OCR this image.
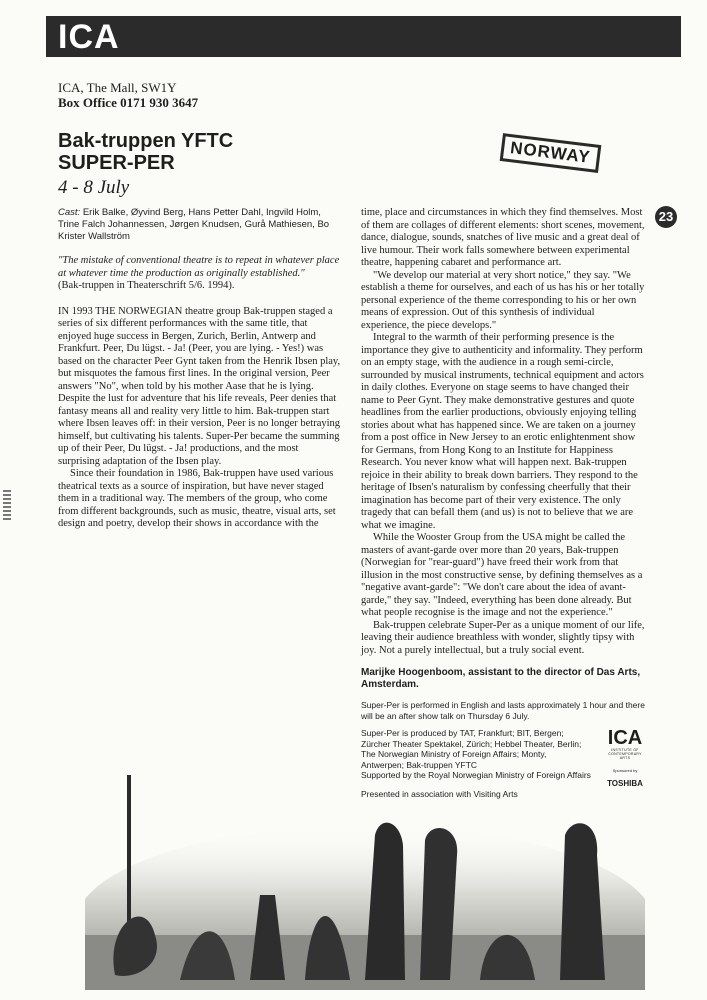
ICA
ICA, The Mall, SW1Y
Box Office 0171 930 3647
Bak-truppen YFTC
SUPER-PER
4 - 8 July
NORWAY
23

Cast: Erik Balke, Øyvind Berg, Hans Petter Dahl, Ingvild Holm, Trine Falch Johannessen, Jørgen Knudsen, Gurå Mathiesen, Bo Krister Wallström

"The mistake of conventional theatre is to repeat in whatever place at whatever time the production as originally established."

(Bak-truppen in Theaterschrift 5/6. 1994).

IN 1993 THE NORWEGIAN theatre group Bak-truppen staged a series of six different performances with the same title, that enjoyed huge success in Bergen, Zurich, Berlin, Antwerp and Frankfurt. Peer, Du lügst. - Ja! (Peer, you are lying. - Yes!) was based on the character Peer Gynt taken from the Henrik Ibsen play, but misquotes the famous first lines. In the original version, Peer answers "No", when told by his mother Aase that he is lying. Despite the lust for adventure that his life reveals, Peer denies that fantasy means all and reality very little to him. Bak-truppen start where Ibsen leaves off: in their version, Peer is no longer betraying himself, but cultivating his talents. Super-Per became the summing up of their Peer, Du lügst. - Ja! productions, and the most surprising adaptation of the Ibsen play.

Since their foundation in 1986, Bak-truppen have used various theatrical texts as a source of inspiration, but have never staged them in a traditional way. The members of the group, who come from different backgrounds, such as music, theatre, visual arts, set design and poetry, develop their shows in accordance with the

time, place and circumstances in which they find themselves. Most of them are collages of different elements: short scenes, movement, dance, dialogue, sounds, snatches of live music and a great deal of live humour. Their work falls somewhere between experimental theatre, happening cabaret and performance art.

"We develop our material at very short notice," they say. "We establish a theme for ourselves, and each of us has his or her totally personal experience of the theme corresponding to his or her own means of expression. Out of this synthesis of individual experience, the piece develops."

Integral to the warmth of their performing presence is the importance they give to authenticity and informality. They perform on an empty stage, with the audience in a rough semi-circle, surrounded by musical instruments, technical equipment and actors in daily clothes. Everyone on stage seems to have changed their name to Peer Gynt. They make demonstrative gestures and quote headlines from the earlier productions, obviously enjoying telling stories about what has happened since. We are taken on a journey from a post office in New Jersey to an erotic enlightenment show for Germans, from Hong Kong to an Institute for Happiness Research. You never know what will happen next. Bak-truppen rejoice in their ability to break down barriers. They respond to the heritage of Ibsen's naturalism by confessing cheerfully that their imagination has become part of their very existence. The only tragedy that can befall them (and us) is not to believe that we are what we imagine.

While the Wooster Group from the USA might be called the masters of avant-garde over more than 20 years, Bak-truppen (Norwegian for "rear-guard") have freed their work from that illusion in the most constructive sense, by defining themselves as a "negative avant-garde": "We don't care about the idea of avant-garde," they say. "Indeed, everything has been done already. But what people recognise is the image and not the experience."

Bak-truppen celebrate Super-Per as a unique moment of our life, leaving their audience breathless with wonder, slightly tipsy with joy. Not a purely intellectual, but a truly social event.

Marijke Hoogenboom, assistant to the director of Das Arts, Amsterdam.

Super-Per is performed in English and lasts approximately 1 hour and there will be an after show talk on Thursday 6 July.

Super-Per is produced by TAT, Frankfurt; BIT, Bergen; Zürcher Theater Spektakel, Zürich; Hebbel Theater, Berlin; The Norwegian Ministry of Foreign Affairs; Monty, Antwerpen; Bak-truppen YFTC
Supported by the Royal Norwegian Ministry of Foreign Affairs

ICA
INSTITUTE OF CONTEMPORARY ARTS
Sponsored by
TOSHIBA
Presented in association with Visiting Arts
